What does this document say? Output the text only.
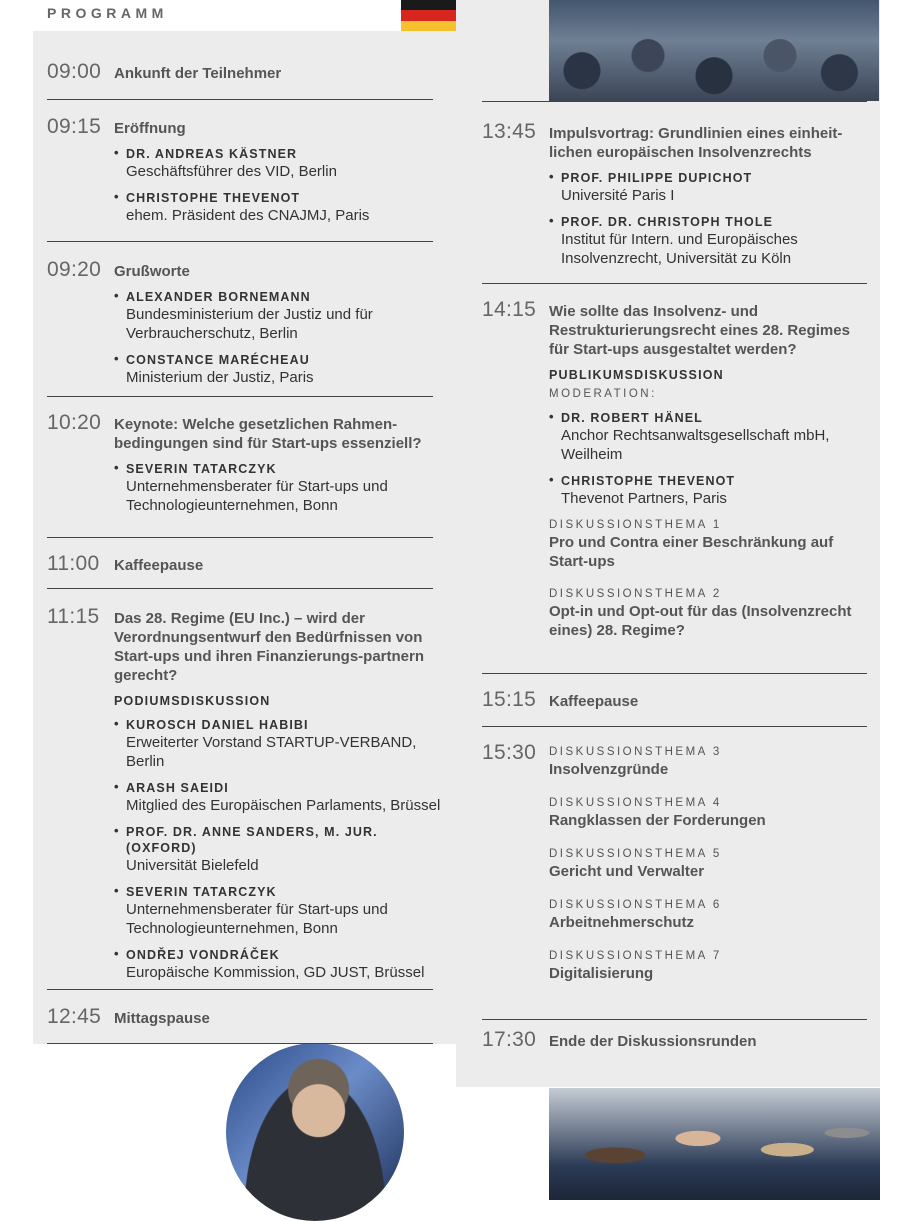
PROGRAMM
09:00 Ankunft der Teilnehmer
09:15 Eröffnung
• DR. ANDREAS KÄSTNER
Geschäftsführer des VID, Berlin
• CHRISTOPHE THEVENOT
ehem. Präsident des CNAJMJ, Paris
09:20 Grußworte
• ALEXANDER BORNEMANN
Bundesministerium der Justiz und für Verbraucherschutz, Berlin
• CONSTANCE MARÉCHEAU
Ministerium der Justiz, Paris
10:20 Keynote: Welche gesetzlichen Rahmen-bedingungen sind für Start-ups essenziell?
• SEVERIN TATARCZYK
Unternehmensberater für Start-ups und Technologieunternehmen, Bonn
11:00 Kaffeepause
11:15 Das 28. Regime (EU Inc.) – wird der Verordnungsentwurf den Bedürfnissen von Start-ups und ihren Finanzierungs-partnern gerecht?
PODIUMSDISKUSSION
• KUROSCH DANIEL HABIBI
Erweiterter Vorstand STARTUP-VERBAND, Berlin
• ARASH SAEIDI
Mitglied des Europäischen Parlaments, Brüssel
• PROF. DR. ANNE SANDERS, M. JUR. (OXFORD)
Universität Bielefeld
• SEVERIN TATARCZYK
Unternehmensberater für Start-ups und Technologieunternehmen, Bonn
• ONDŘEJ VONDRÁČEK
Europäische Kommission, GD JUST, Brüssel
12:45 Mittagspause
13:45 Impulsvortrag: Grundlinien eines einheit-lichen europäischen Insolvenzrechts
• PROF. PHILIPPE DUPICHOT
Université Paris I
• PROF. DR. CHRISTOPH THOLE
Institut für Intern. und Europäisches Insolvenzrecht, Universität zu Köln
14:15 Wie sollte das Insolvenz- und Restrukturierungsrecht eines 28. Regimes für Start-ups ausgestaltet werden?
PUBLIKUMSDISKUSSION
MODERATION:
• DR. ROBERT HÄNEL
Anchor Rechtsanwaltsgesellschaft mbH, Weilheim
• CHRISTOPHE THEVENOT
Thevenot Partners, Paris
DISKUSSIONSTHEMA 1
Pro und Contra einer Beschränkung auf Start-ups
DISKUSSIONSTHEMA 2
Opt-in und Opt-out für das (Insolvenzrecht eines) 28. Regime?
15:15 Kaffeepause
15:30 DISKUSSIONSTHEMA 3
Insolvenzgründe
DISKUSSIONSTHEMA 4
Rangklassen der Forderungen
DISKUSSIONSTHEMA 5
Gericht und Verwalter
DISKUSSIONSTHEMA 6
Arbeitnehmerschutz
DISKUSSIONSTHEMA 7
Digitalisierung
17:30 Ende der Diskussionsrunden
